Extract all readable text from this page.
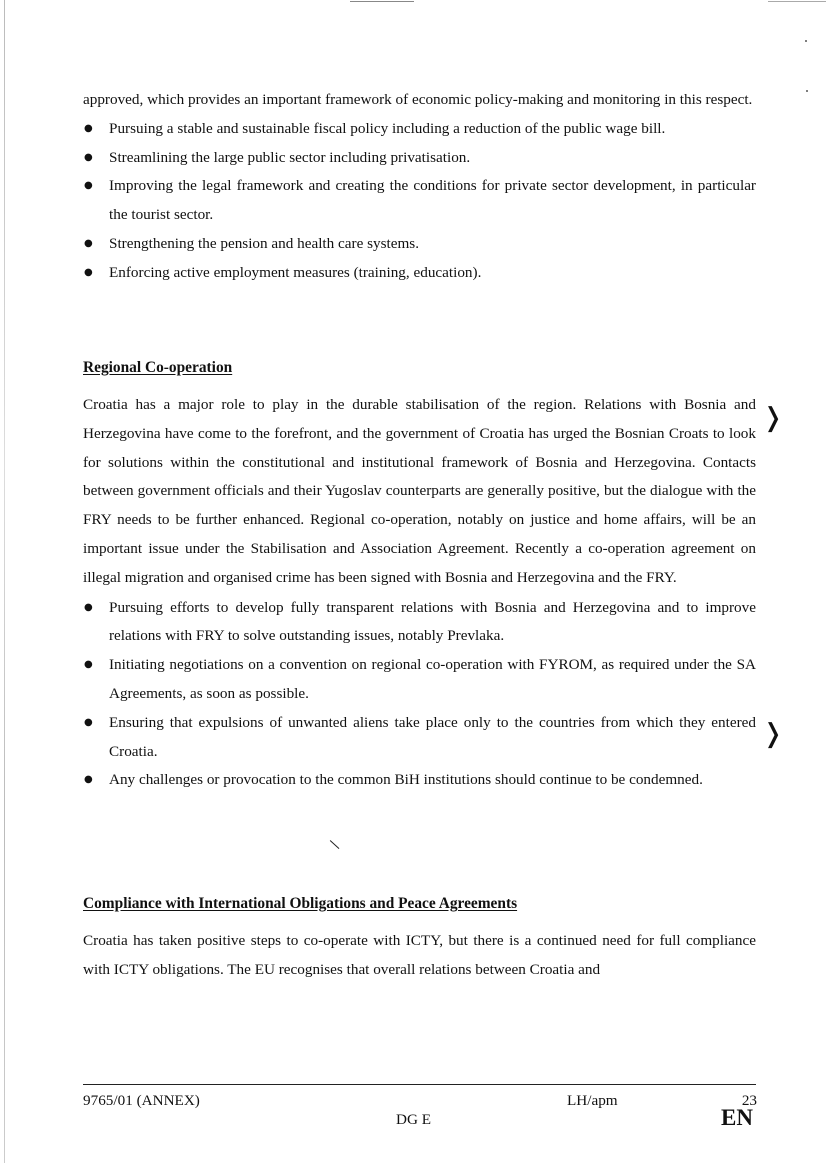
❭
❭

approved, which provides an important framework of economic policy-making and monitoring in this respect.

● Pursuing a stable and sustainable fiscal policy including a reduction of the public wage bill.
● Streamlining the large public sector including privatisation.
● Improving the legal framework and creating the conditions for private sector development, in particular the tourist sector.
● Strengthening the pension and health care systems.
● Enforcing active employment measures (training, education).

Regional Co-operation

Croatia has a major role to play in the durable stabilisation of the region. Relations with Bosnia and Herzegovina have come to the forefront, and the government of Croatia has urged the Bosnian Croats to look for solutions within the constitutional and institutional framework of Bosnia and Herzegovina. Contacts between government officials and their Yugoslav counterparts are generally positive, but the dialogue with the FRY needs to be further enhanced. Regional co-operation, notably on justice and home affairs, will be an important issue under the Stabilisation and Association Agreement. Recently a co-operation agreement on illegal migration and organised crime has been signed with Bosnia and Herzegovina and the FRY.

● Pursuing efforts to develop fully transparent relations with Bosnia and Herzegovina and to improve relations with FRY to solve outstanding issues, notably Prevlaka.
● Initiating negotiations on a convention on regional co-operation with FYROM, as required under the SA Agreements, as soon as possible.
● Ensuring that expulsions of unwanted aliens take place only to the countries from which they entered Croatia.
● Any challenges or provocation to the common BiH institutions should continue to be condemned.

Compliance with International Obligations and Peace Agreements

Croatia has taken positive steps to co-operate with ICTY, but there is a continued need for full compliance with ICTY obligations. The EU recognises that overall relations between Croatia and

9765/01 (ANNEX)	LH/apm	23
DG E	EN
